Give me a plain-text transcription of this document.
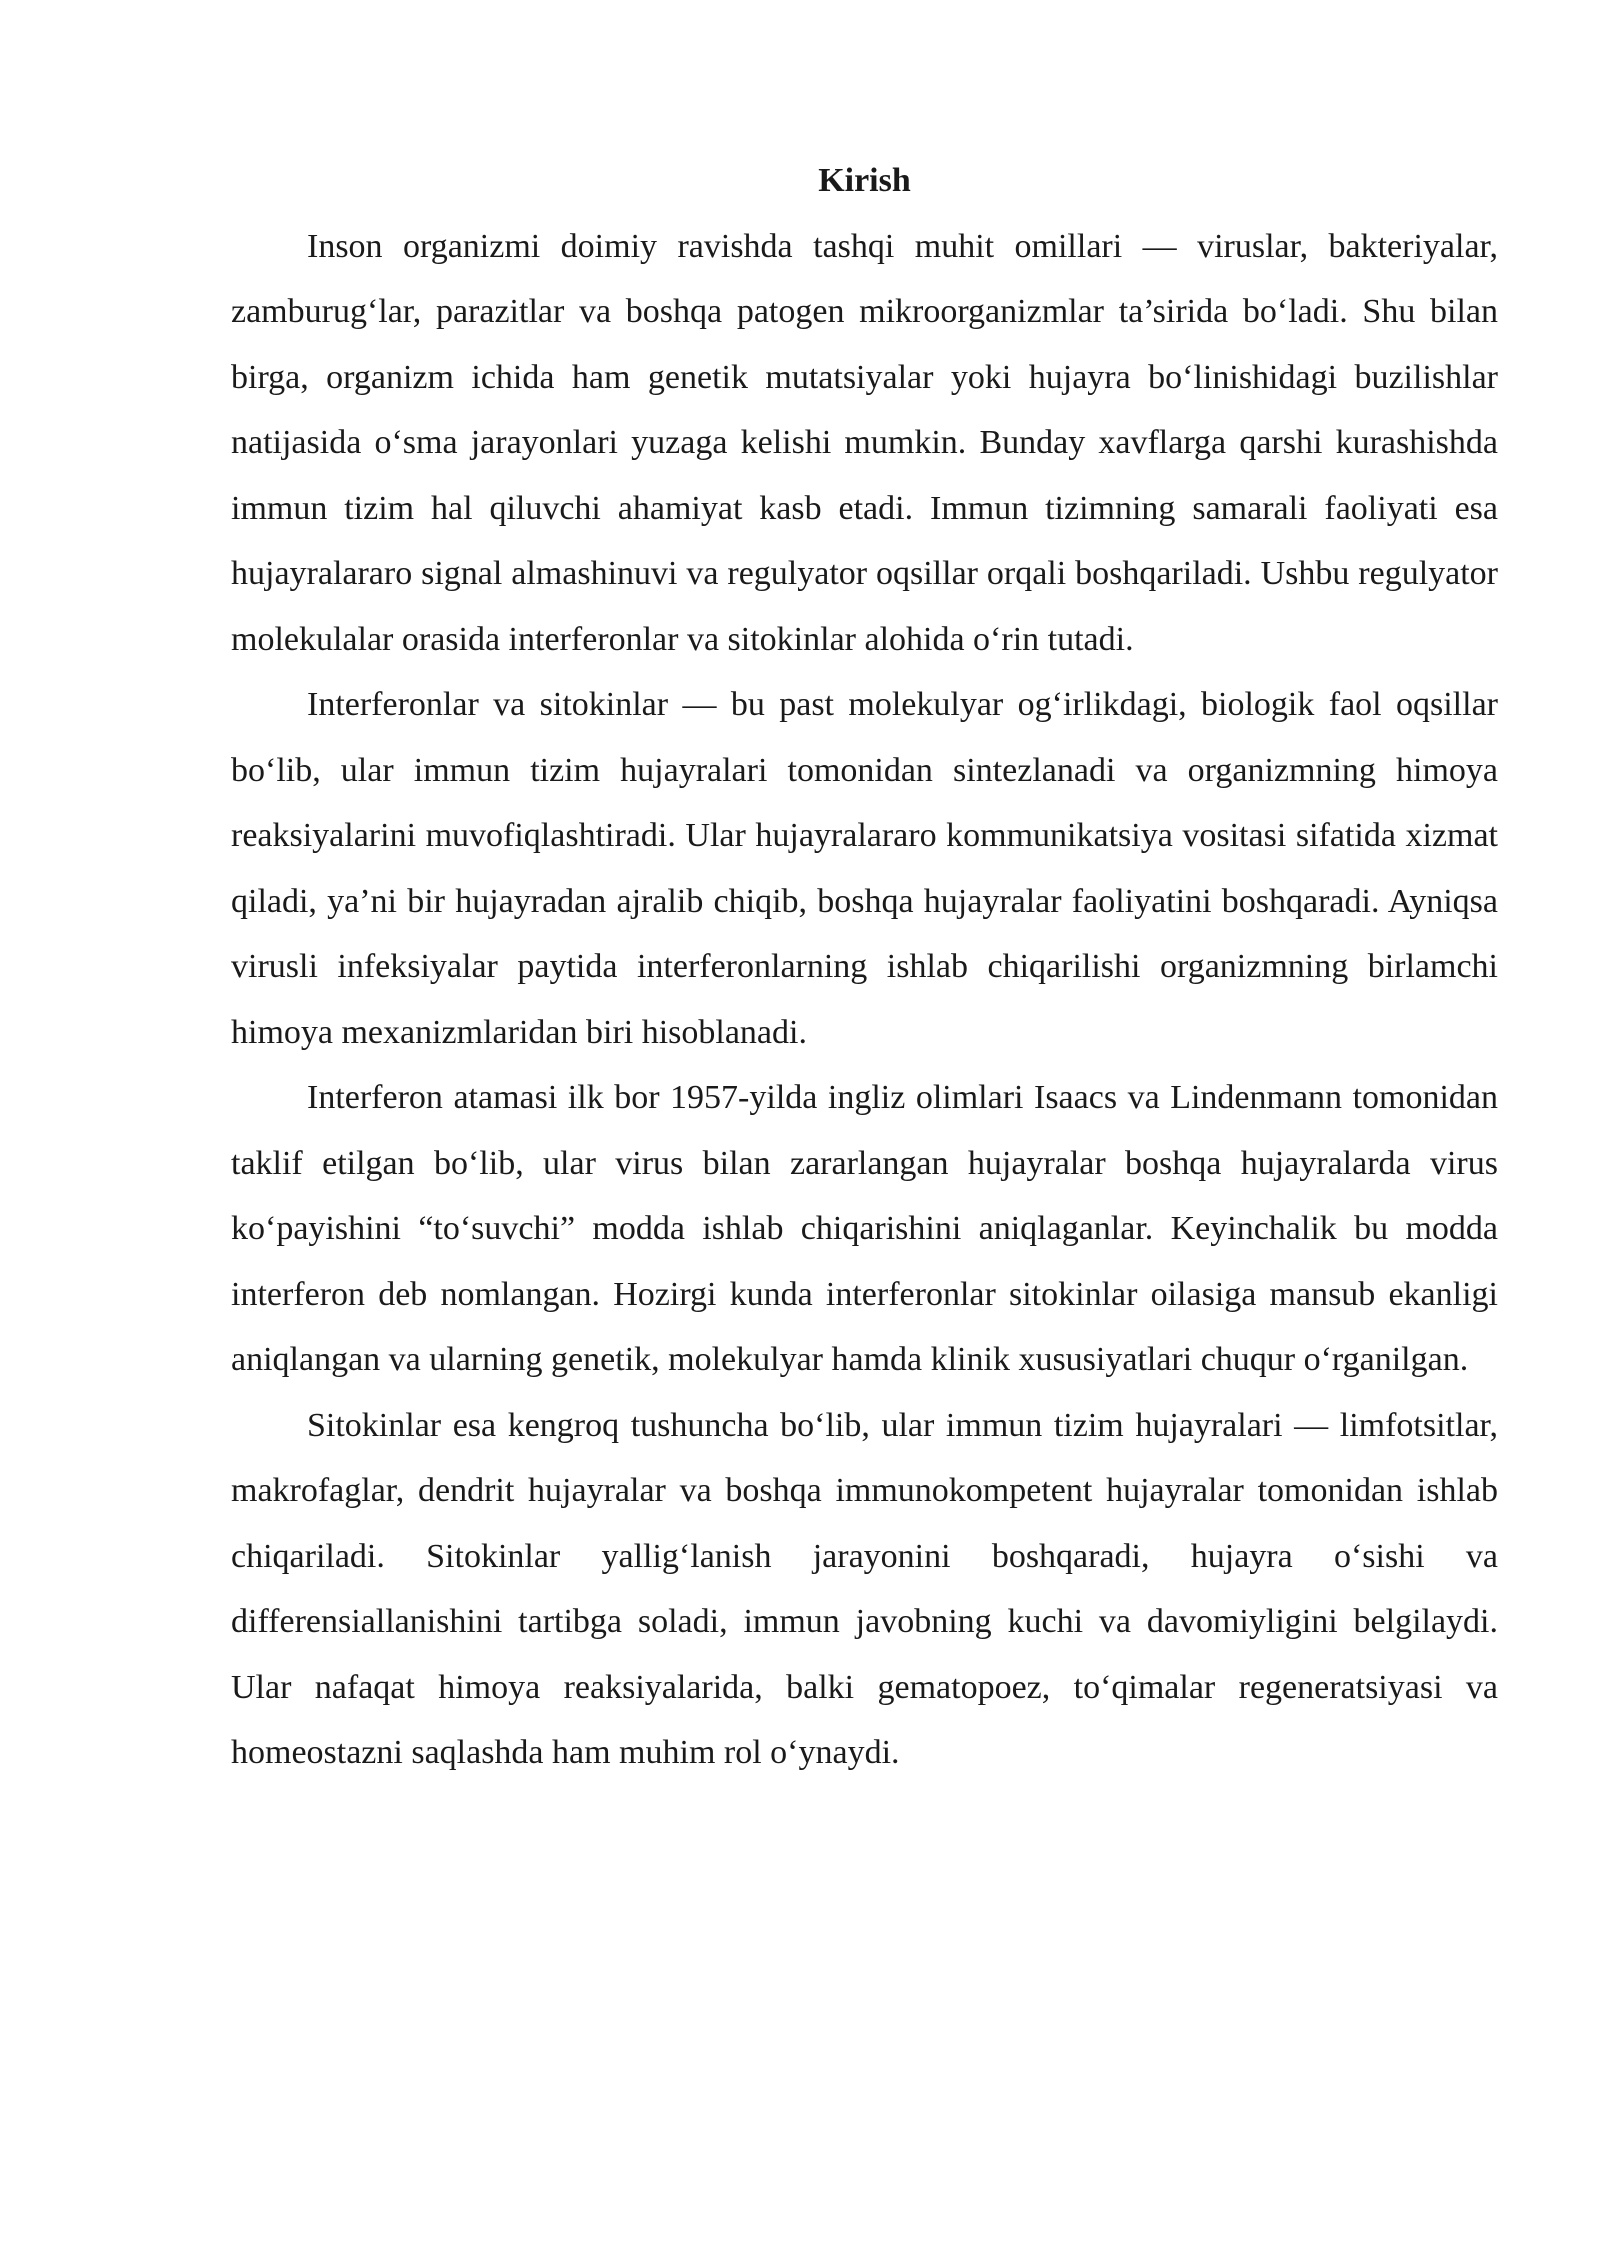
Kirish

Inson organizmi doimiy ravishda tashqi muhit omillari — viruslar, bakteriyalar, zamburug‘lar, parazitlar va boshqa patogen mikroorganizmlar ta’sirida bo‘ladi. Shu bilan birga, organizm ichida ham genetik mutatsiyalar yoki hujayra bo‘linishidagi buzilishlar natijasida o‘sma jarayonlari yuzaga kelishi mumkin. Bunday xavflarga qarshi kurashishda immun tizim hal qiluvchi ahamiyat kasb etadi. Immun tizimning samarali faoliyati esa hujayralararo signal almashinuvi va regulyator oqsillar orqali boshqariladi. Ushbu regulyator molekulalar orasida interferonlar va sitokinlar alohida o‘rin tutadi.

Interferonlar va sitokinlar — bu past molekulyar og‘irlikdagi, biologik faol oqsillar bo‘lib, ular immun tizim hujayralari tomonidan sintezlanadi va organizmning himoya reaksiyalarini muvofiqlashtiradi. Ular hujayralararo kommunikatsiya vositasi sifatida xizmat qiladi, ya’ni bir hujayradan ajralib chiqib, boshqa hujayralar faoliyatini boshqaradi. Ayniqsa virusli infeksiyalar paytida interferonlarning ishlab chiqarilishi organizmning birlamchi himoya mexanizmlaridan biri hisoblanadi.

Interferon atamasi ilk bor 1957-yilda ingliz olimlari Isaacs va Lindenmann tomonidan taklif etilgan bo‘lib, ular virus bilan zararlangan hujayralar boshqa hujayralarda virus ko‘payishini “to‘suvchi” modda ishlab chiqarishini aniqlaganlar. Keyinchalik bu modda interferon deb nomlangan. Hozirgi kunda interferonlar sitokinlar oilasiga mansub ekanligi aniqlangan va ularning genetik, molekulyar hamda klinik xususiyatlari chuqur o‘rganilgan.

Sitokinlar esa kengroq tushuncha bo‘lib, ular immun tizim hujayralari — limfotsitlar, makrofaglar, dendrit hujayralar va boshqa immunokompetent hujayralar tomonidan ishlab chiqariladi. Sitokinlar yallig‘lanish jarayonini boshqaradi, hujayra o‘sishi va differensiallanishini tartibga soladi, immun javobning kuchi va davomiyligini belgilaydi. Ular nafaqat himoya reaksiyalarida, balki gematopoez, to‘qimalar regeneratsiyasi va homeostazni saqlashda ham muhim rol o‘ynaydi.
